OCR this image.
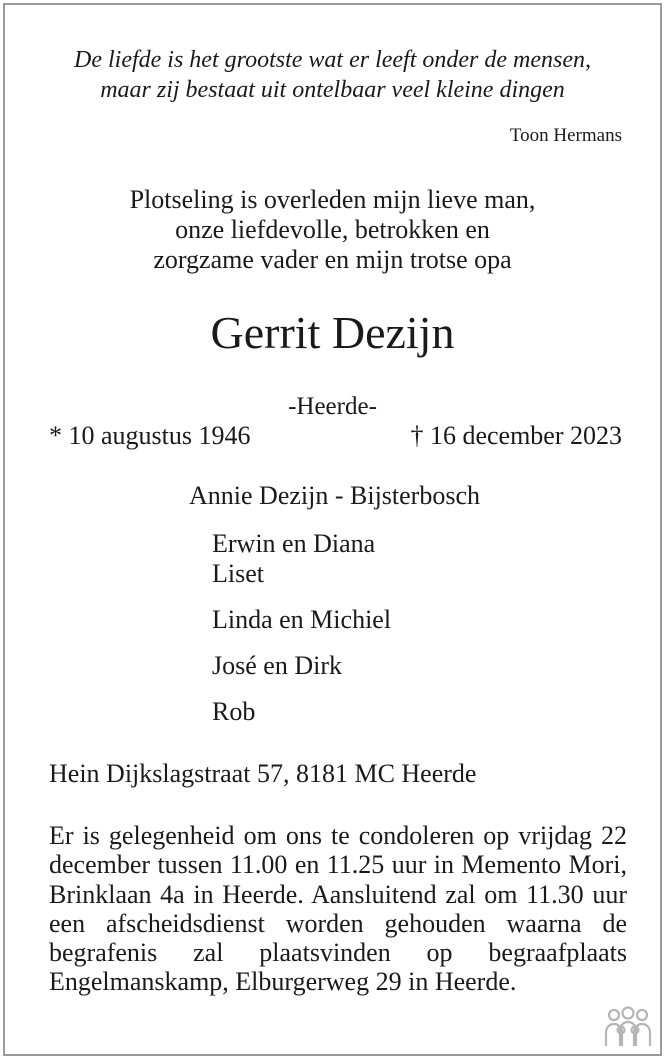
De liefde is het grootste wat er leeft onder de mensen,
maar zij bestaat uit ontelbaar veel kleine dingen
Toon Hermans
Plotseling is overleden mijn lieve man,
onze liefdevolle, betrokken en
zorgzame vader en mijn trotse opa
Gerrit Dezijn
-Heerde-
* 10 augustus 1946	† 16 december 2023
Annie Dezijn - Bijsterbosch
Erwin en Diana
Liset
Linda en Michiel
José en Dirk
Rob
Hein Dijkslagstraat 57, 8181 MC Heerde
Er is gelegenheid om ons te condoleren op vrijdag 22 december tussen 11.00 en 11.25 uur in Memento Mori, Brinklaan 4a in Heerde. Aansluitend zal om 11.30 uur een afscheidsdienst worden gehouden waarna de begrafenis zal plaatsvinden op begraafplaats Engelmanskamp, Elburgerweg 29 in Heerde.
